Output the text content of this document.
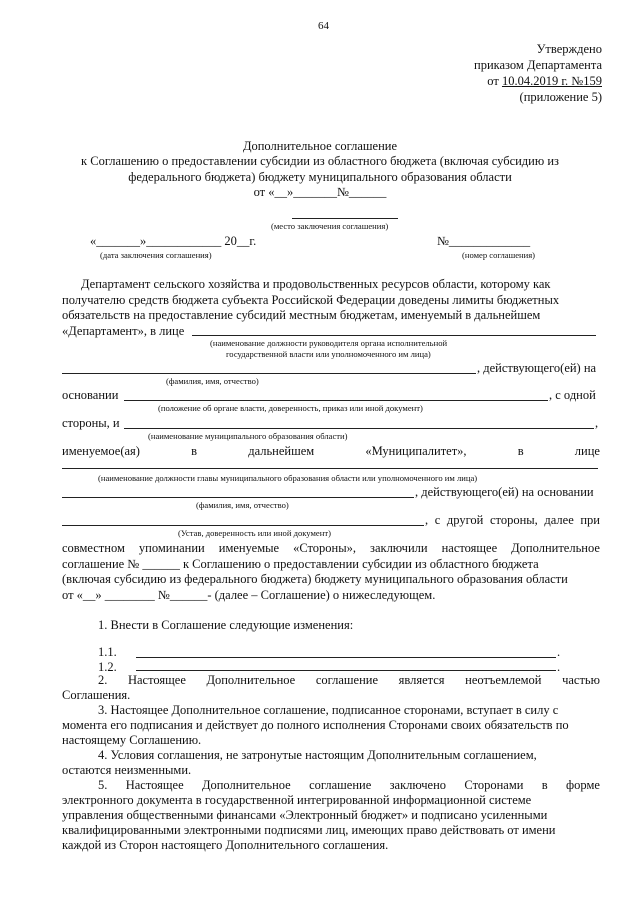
64
Утверждено
приказом Департамента
от 10.04.2019 г. №159
(приложение 5)
Дополнительное соглашение
к Соглашению о предоставлении субсидии из областного бюджета (включая субсидию из
федерального бюджета) бюджету муниципального образования области
от «__»_______№______
(место заключения соглашения)
«_______»____________ 20__г.
(дата заключения соглашения)
№_____________
(номер соглашения)
Департамент сельского хозяйства и продовольственных ресурсов области, которому как
получателю средств бюджета субъекта Российской Федерации доведены лимиты бюджетных
обязательств на предоставление субсидий местным бюджетам, именуемый в дальнейшем
«Департамент», в лице
(наименование должности руководителя органа исполнительной
государственной власти или уполномоченного им лица)
, действующего(ей) на
(фамилия, имя, отчество)
основании	, с одной
(положение об органе власти, доверенность, приказ или иной документ)
стороны, и	,
(наименование муниципального образования области)
именуемое(ая)	в	дальнейшем	«Муниципалитет»,	в	лице
(наименование должности главы муниципального образования области или уполномоченного им лица)
, действующего(ей) на основании
(фамилия, имя, отчество)
, с другой стороны, далее при
(Устав, доверенность или иной документ)
совместном упоминании именуемые «Стороны», заключили настоящее Дополнительное
соглашение № ______ к Соглашению о предоставлении субсидии из областного бюджета
(включая субсидию из федерального бюджета) бюджету муниципального образования области
от «__» ________ №______- (далее – Соглашение) о нижеследующем.
1. Внести в Соглашение следующие изменения:
1.1.	.
1.2.	.
2. Настоящее Дополнительное соглашение является неотъемлемой частью
Соглашения.
3. Настоящее Дополнительное соглашение, подписанное сторонами, вступает в силу с
момента его подписания и действует до полного исполнения Сторонами своих обязательств по
настоящему Соглашению.
4. Условия соглашения, не затронутые настоящим Дополнительным соглашением,
остаются неизменными.
5. Настоящее Дополнительное соглашение заключено Сторонами в форме
электронного документа в государственной интегрированной информационной системе
управления общественными финансами «Электронный бюджет» и подписано усиленными
квалифицированными электронными подписями лиц, имеющих право действовать от имени
каждой из Сторон настоящего Дополнительного соглашения.
